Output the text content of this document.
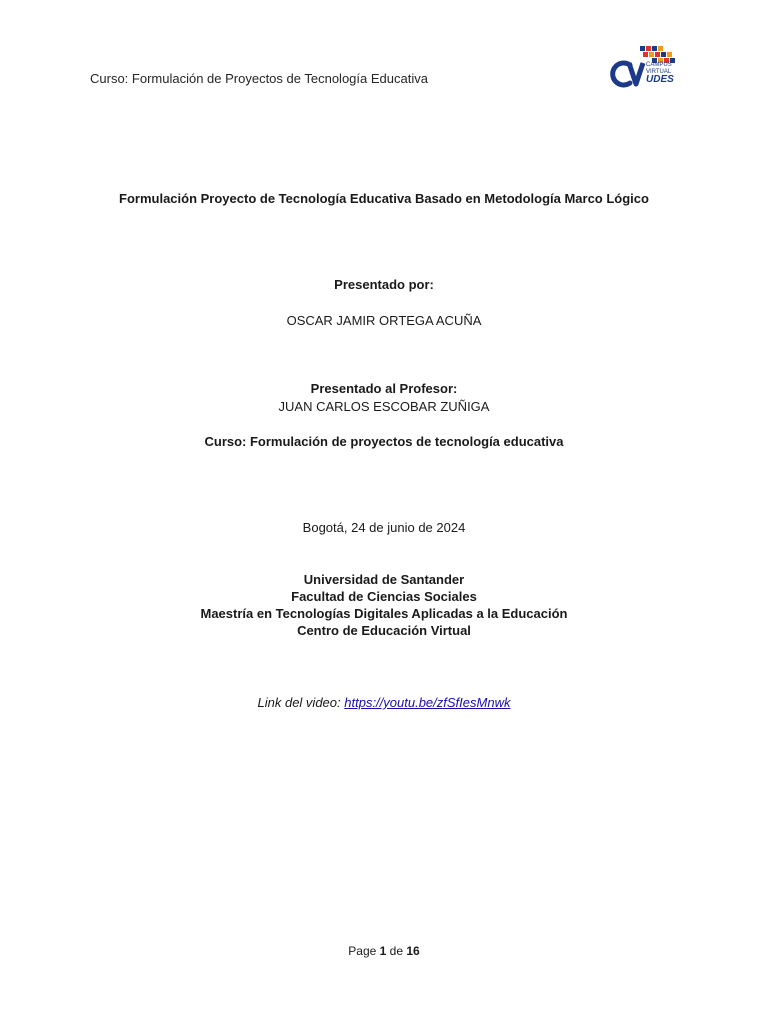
Curso: Formulación de Proyectos de Tecnología Educativa
CAMPUS
VIRTUAL
UDES
Formulación Proyecto de Tecnología Educativa Basado en Metodología Marco Lógico
Presentado por:
OSCAR JAMIR ORTEGA ACUÑA
Presentado al Profesor:
JUAN CARLOS ESCOBAR ZUÑIGA
Curso: Formulación de proyectos de tecnología educativa
Bogotá, 24 de junio de 2024
Universidad de Santander
Facultad de Ciencias Sociales
Maestría en Tecnologías Digitales Aplicadas a la Educación
Centro de Educación Virtual
Link del video: https://youtu.be/zfSfIesMnwk
Page 1 de 16
